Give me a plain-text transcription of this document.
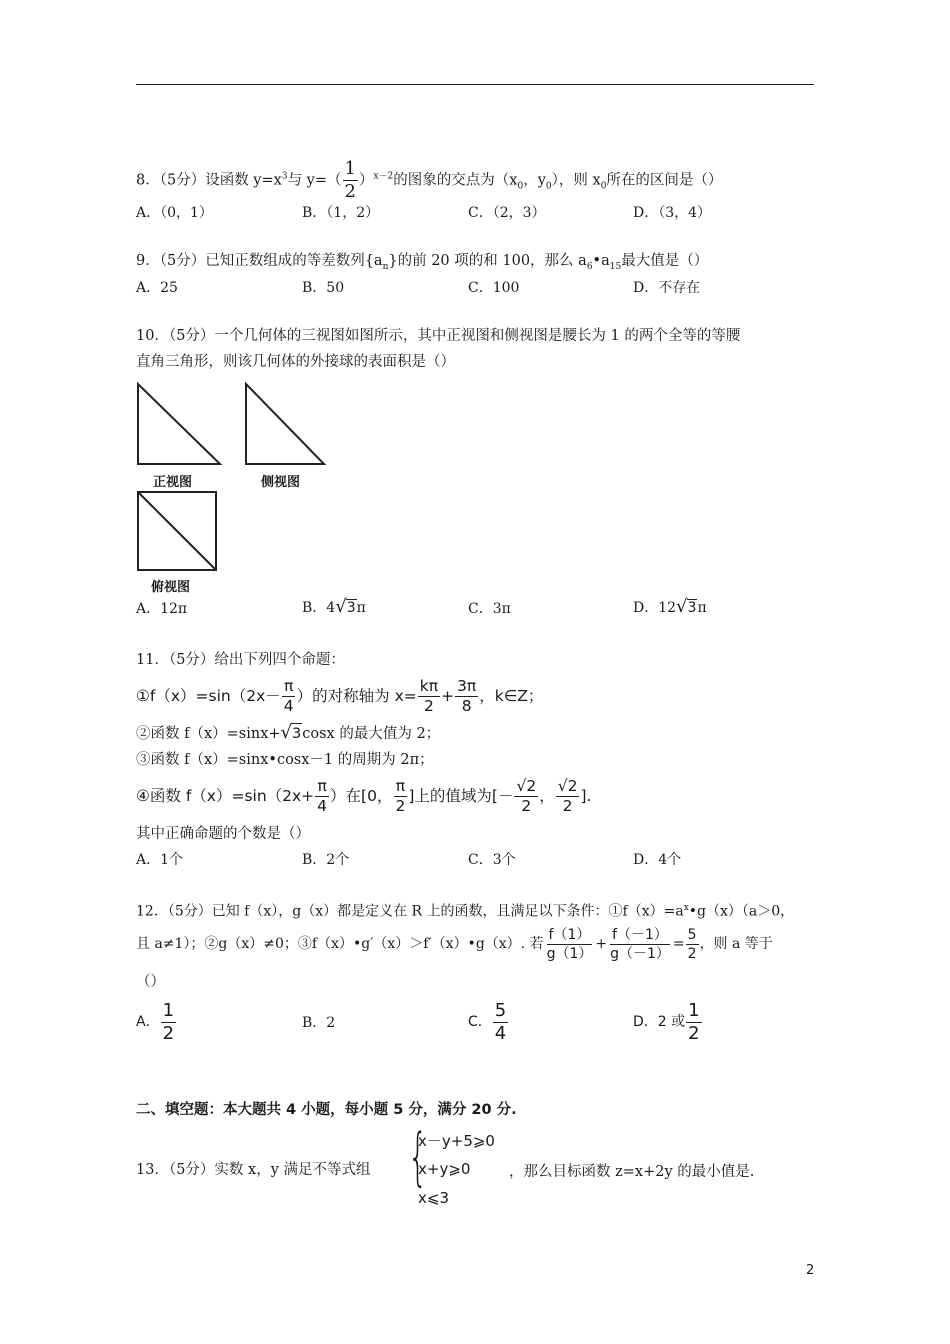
8．（5分）设函数 $y=x^3$与 $y=( \frac{1}{2} )^{x-2}$的图象的交点为（$x_0$，$y_0$），则 $x_0$所在的区间是（）
A．（0，1）	B．（1，2）	C．（2，3）	D．（3，4）
9．（5分）已知正数组成的等差数列$\{a_n\}$的前 20 项的和 100，那么 $a_6•a_{15}$最大值是（）
A．25	B．50	C．100	D．不存在
10．（5分）一个几何体的三视图如图所示，其中正视图和侧视图是腰长为 1 的两个全等的等腰
直角三角形，则该几何体的外接球的表面积是（）
正视图	侧视图
俯视图
A．12π	B．4√3π	C．3π	D．12√3π
11．（5分）给出下列四个命题：
①f（x）=sin（2x－ $\frac{\pi}{4}$ ）的对称轴为 $x= \frac{k\pi}{2} + \frac{3\pi}{8}$ ，k∈Z；
②函数 f（x）=sinx+√3cosx 的最大值为 2；
③函数 f（x）=sinx•cosx－1 的周期为 2π；
④函数 $f(x)=\sin(2x+ \frac{\pi}{4}$ ）在[0， $\frac{\pi}{2}$ ]上的值域为[－ $\frac{√2}{2}$ ， $\frac{√2}{2}$ ].
其中正确命题的个数是（）
A．1个	B．2个	C．3个	D．4个
12．（5分）已知 f（x），g（x）都是定义在 R 上的函数，且满足以下条件：$①f(x)=a^x•g(x)(a>0$，
且 a≠1）；②g（x）≠0；③f（x）•g′（x）＞f′（x）•g（x）. 若 $\frac{f(1)}{g(1)} + \frac{f(-1)}{g(-1)} = \frac{5}{2}$ ，则 a 等于
（）
A． $\frac{1}{2}$	B．2	C． $\frac{5}{4}$	D．2 或 $\frac{1}{2}$
二、填空题：本大题共 4 小题，每小题 5 分，满分 20 分.
13．（5分）实数 x，y 满足不等式组 {
x－y+5⩾0
x+y⩾0
x⩽3
，那么目标函数 z=x+2y 的最小值是.
2
